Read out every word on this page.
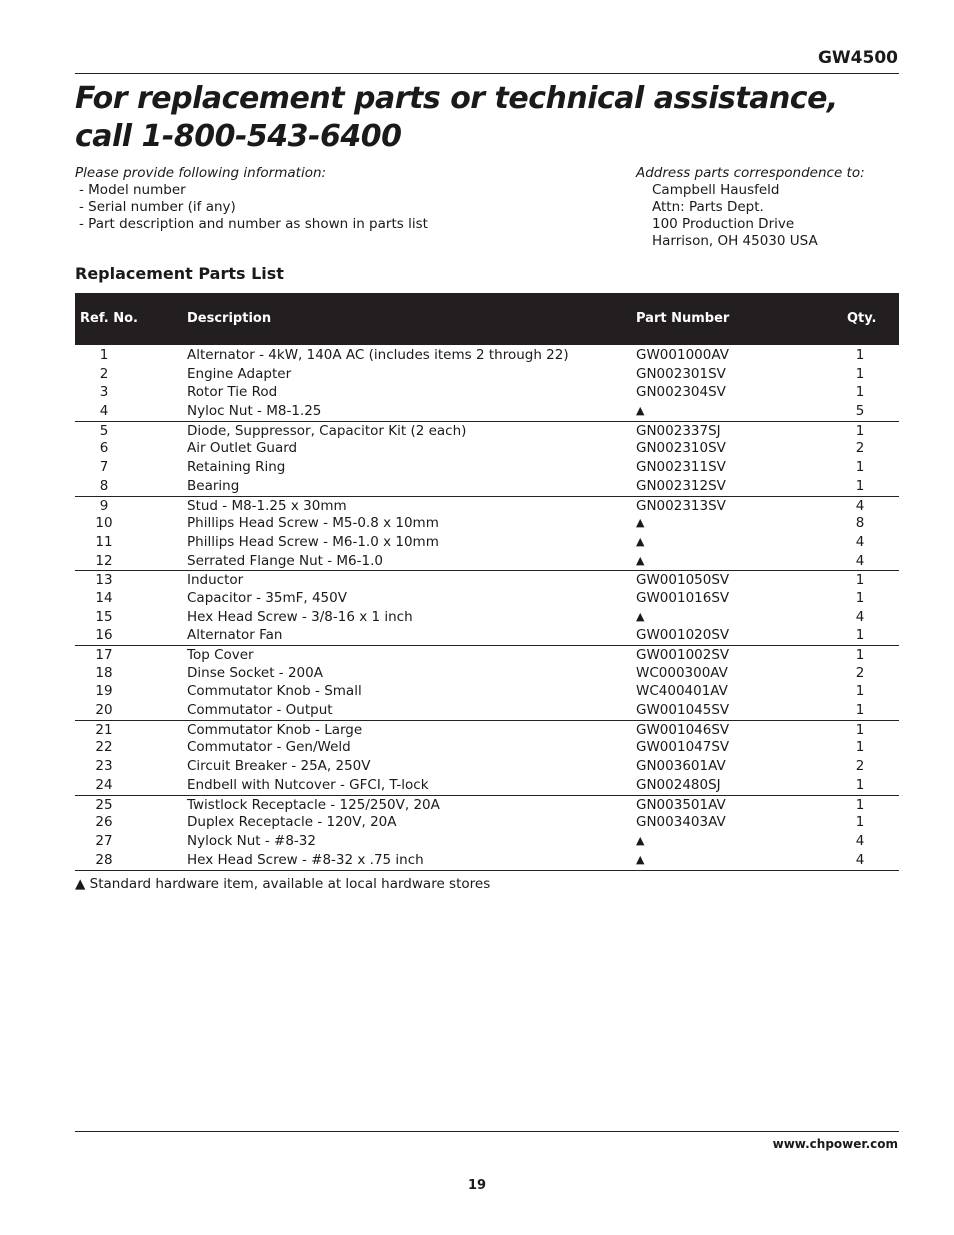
GW4500
For replacement parts or technical assistance,
call 1-800-543-6400
Please provide following information:
- Model number
- Serial number (if any)
- Part description and number as shown in parts list
Address parts correspondence to:
Campbell Hausfeld
Attn: Parts Dept.
100 Production Drive
Harrison, OH 45030 USA
Replacement Parts List
Ref. No.	Description	Part Number	Qty.
1	Alternator - 4kW, 140A AC (includes items 2 through 22)	GW001000AV	1
2	Engine Adapter	GN002301SV	1
3	Rotor Tie Rod	GN002304SV	1
4	Nyloc Nut - M8-1.25	▲	5
5	Diode, Suppressor, Capacitor Kit (2 each)	GN002337SJ	1
6	Air Outlet Guard	GN002310SV	2
7	Retaining Ring	GN002311SV	1
8	Bearing	GN002312SV	1
9	Stud - M8-1.25 x 30mm	GN002313SV	4
10	Phillips Head Screw - M5-0.8 x 10mm	▲	8
11	Phillips Head Screw - M6-1.0 x 10mm	▲	4
12	Serrated Flange Nut - M6-1.0	▲	4
13	Inductor	GW001050SV	1
14	Capacitor - 35mF, 450V	GW001016SV	1
15	Hex Head Screw - 3/8-16 x 1 inch	▲	4
16	Alternator Fan	GW001020SV	1
17	Top Cover	GW001002SV	1
18	Dinse Socket - 200A	WC000300AV	2
19	Commutator Knob - Small	WC400401AV	1
20	Commutator - Output	GW001045SV	1
21	Commutator Knob - Large	GW001046SV	1
22	Commutator - Gen/Weld	GW001047SV	1
23	Circuit Breaker - 25A, 250V	GN003601AV	2
24	Endbell with Nutcover - GFCI, T-lock	GN002480SJ	1
25	Twistlock Receptacle - 125/250V, 20A	GN003501AV	1
26	Duplex Receptacle - 120V, 20A	GN003403AV	1
27	Nylock Nut - #8-32	▲	4
28	Hex Head Screw - #8-32 x .75 inch	▲	4
▲ Standard hardware item, available at local hardware stores
www.chpower.com
19
